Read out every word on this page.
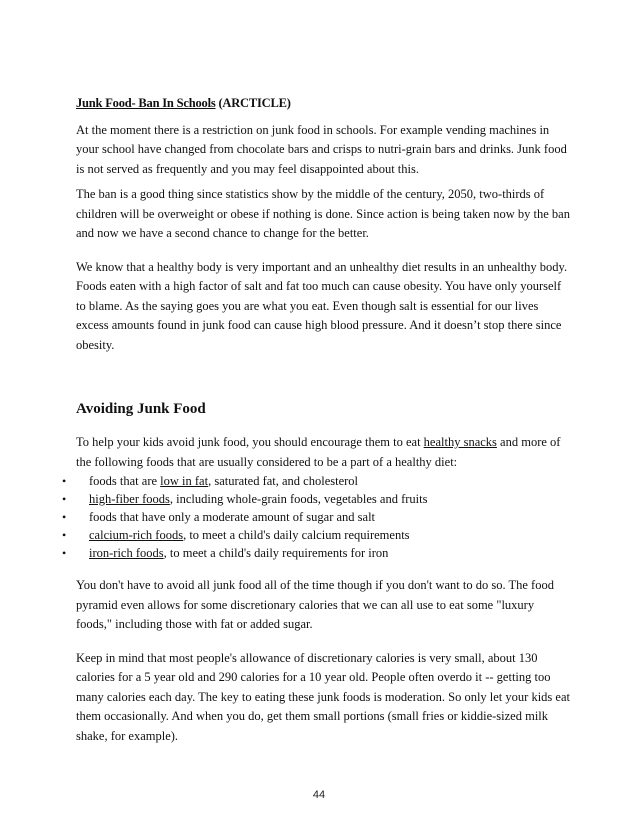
Junk Food- Ban In Schools (ARCTICLE)

At the moment there is a restriction on junk food in schools. For example vending machines in your school have changed from chocolate bars and crisps to nutri-grain bars and drinks. Junk food is not served as frequently and you may feel disappointed about this.

The ban is a good thing since statistics show by the middle of the century, 2050, two-thirds of children will be overweight or obese if nothing is done. Since action is being taken now by the ban and now we have a second chance to change for the better.

We know that a healthy body is very important and an unhealthy diet results in an unhealthy body. Foods eaten with a high factor of salt and fat too much can cause obesity. You have only yourself to blame. As the saying goes you are what you eat. Even though salt is essential for our lives excess amounts found in junk food can cause high blood pressure. And it doesn’t stop there since obesity.

Avoiding Junk Food

To help your kids avoid junk food, you should encourage them to eat healthy snacks and more of the following foods that are usually considered to be a part of a healthy diet:

• foods that are low in fat, saturated fat, and cholesterol
• high-fiber foods, including whole-grain foods, vegetables and fruits
• foods that have only a moderate amount of sugar and salt
• calcium-rich foods, to meet a child's daily calcium requirements
• iron-rich foods, to meet a child's daily requirements for iron

You don't have to avoid all junk food all of the time though if you don't want to do so. The food pyramid even allows for some discretionary calories that we can all use to eat some "luxury foods," including those with fat or added sugar.

Keep in mind that most people's allowance of discretionary calories is very small, about 130 calories for a 5 year old and 290 calories for a 10 year old. People often overdo it -- getting too many calories each day. The key to eating these junk foods is moderation. So only let your kids eat them occasionally. And when you do, get them small portions (small fries or kiddie-sized milk shake, for example).

44
